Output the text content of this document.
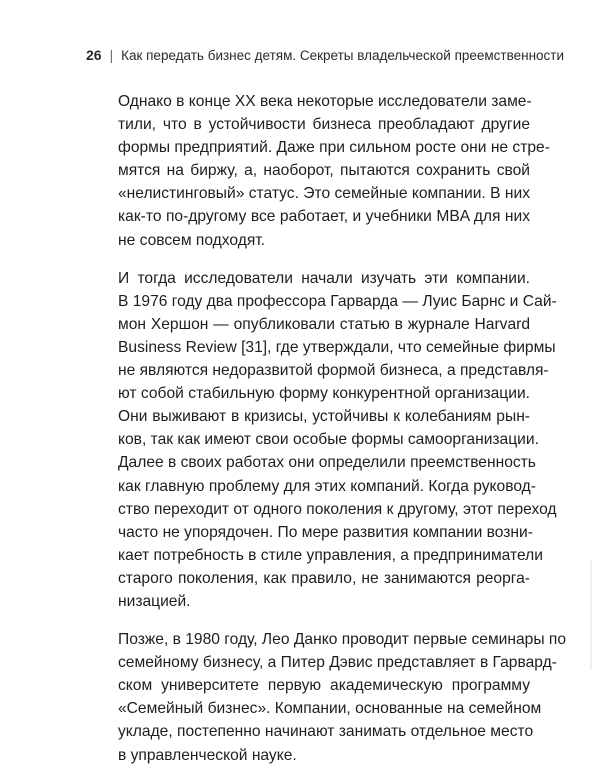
26 | Как передать бизнес детям. Секреты владельческой преемственности

Однако в конце XX века некоторые исследователи заме-
тили, что в устойчивости бизнеса преобладают другие
формы предприятий. Даже при сильном росте они не стре-
мятся на биржу, а, наоборот, пытаются сохранить свой
«нелистинговый» статус. Это семейные компании. В них
как-то по-другому все работает, и учебники MBA для них
не совсем подходят.

И тогда исследователи начали изучать эти компании.
В 1976 году два профессора Гарварда — Луис Барнс и Сай-
мон Хершон — опубликовали статью в журнале Harvard
Business Review [31], где утверждали, что семейные фирмы
не являются недоразвитой формой бизнеса, а представля-
ют собой стабильную форму конкурентной организации.
Они выживают в кризисы, устойчивы к колебаниям рын-
ков, так как имеют свои особые формы самоорганизации.
Далее в своих работах они определили преемственность
как главную проблему для этих компаний. Когда руковод-
ство переходит от одного поколения к другому, этот переход
часто не упорядочен. По мере развития компании возни-
кает потребность в стиле управления, а предприниматели
старого поколения, как правило, не занимаются реорга-
низацией.

Позже, в 1980 году, Лео Данко проводит первые семинары по
семейному бизнесу, а Питер Дэвис представляет в Гарвард-
ском университете первую академическую программу
«Семейный бизнес». Компании, основанные на семейном
укладе, постепенно начинают занимать отдельное место
в управленческой науке.
